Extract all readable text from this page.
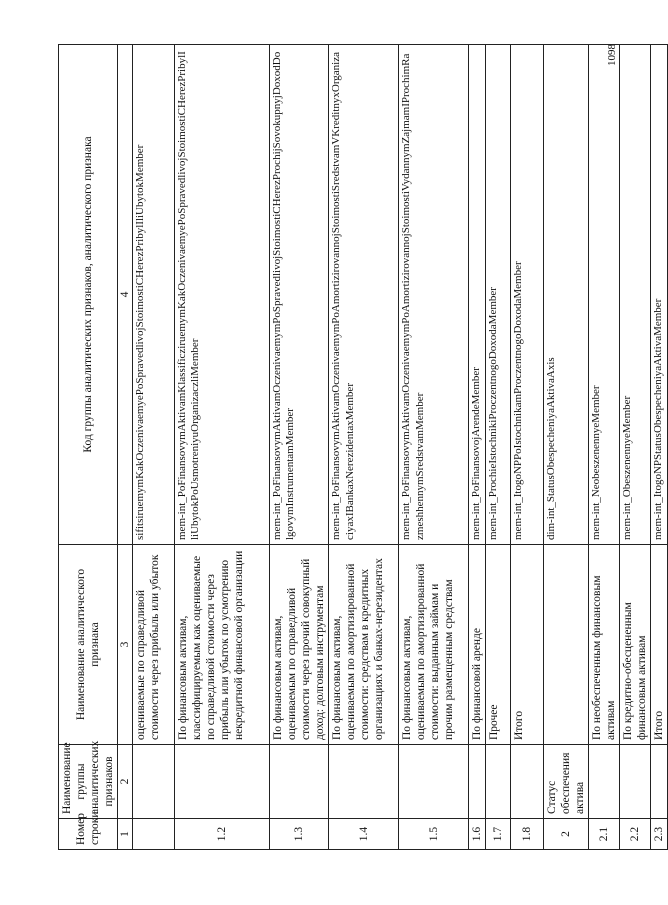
1098
Номер строки	Наименование группы аналитических признаков	Наименование аналитического признака	Код группы аналитических признаков, аналитического признака
1	2	3	4
		оцениваемые по справедливой стоимости через прибыль или убыток	sifitsiruemymKakOczenivaemyePoSpravedlivojStoimostiCHerezPribylIliUbytokMember
1.2		По финансовым активам, классифицируемым как оцениваемые по справедливой стоимости через прибыль или убыток по усмотрению некредитной финансовой организации	mem-int_PoFinansovymAktivamKlassificziruemymKakOczenivaemyePoSpravedlivojStoimostiCHerezPribylIliUbytokPoUsmotreniyuOrganizaczliMember
1.3		По финансовым активам, оцениваемым по справедливой стоимости через прочий совокупный доход: долговым инструментам	mem-int_PoFinansovymAktivamOczenivaemymPoSpravedlivojStoimostiCHerezProchijSovokupnyjDoxodDolgovymInstrumentamMember
1.4		По финансовым активам, оцениваемым по амортизированной стоимости: средствам в кредитных организациях и банках-нерезидентах	mem-int_PoFinansovymAktivamOczenivaemymPoAmortizirovannojStoimostiSredstvamVKreditnyxOrganizaciyaxIBankaxNerezidentaxMember
1.5		По финансовым активам, оцениваемым по амортизированной стоимости: выданным займам и прочим размещенным средствам	mem-int_PoFinansovymAktivamOczenivaemymPoAmortizirovannojStoimostiVydannymZajmamIProchimRazmeshhennymSredstvamMember
1.6		По финансовой аренде	mem-int_PoFinansovojArendeMember
1.7		Прочее	mem-int_ProchieIstochnikiProczentnogoDoxodaMember
1.8		Итого	mem-int_ItogoNPPoIstochnikamProczentnogoDoxodaMember
2	Статус обеспечения актива		dim-int_StatusObespecheniyaAktivaAxis
2.1		По необеспеченным финансовым активам	mem-int_NeobeszenennyeMember
2.2		По кредитно-обесцененным финансовым активам	mem-int_ObeszenennyeMember
2.3		Итого	mem-int_ItogoNPStatusObespecheniyaAktivaMember
